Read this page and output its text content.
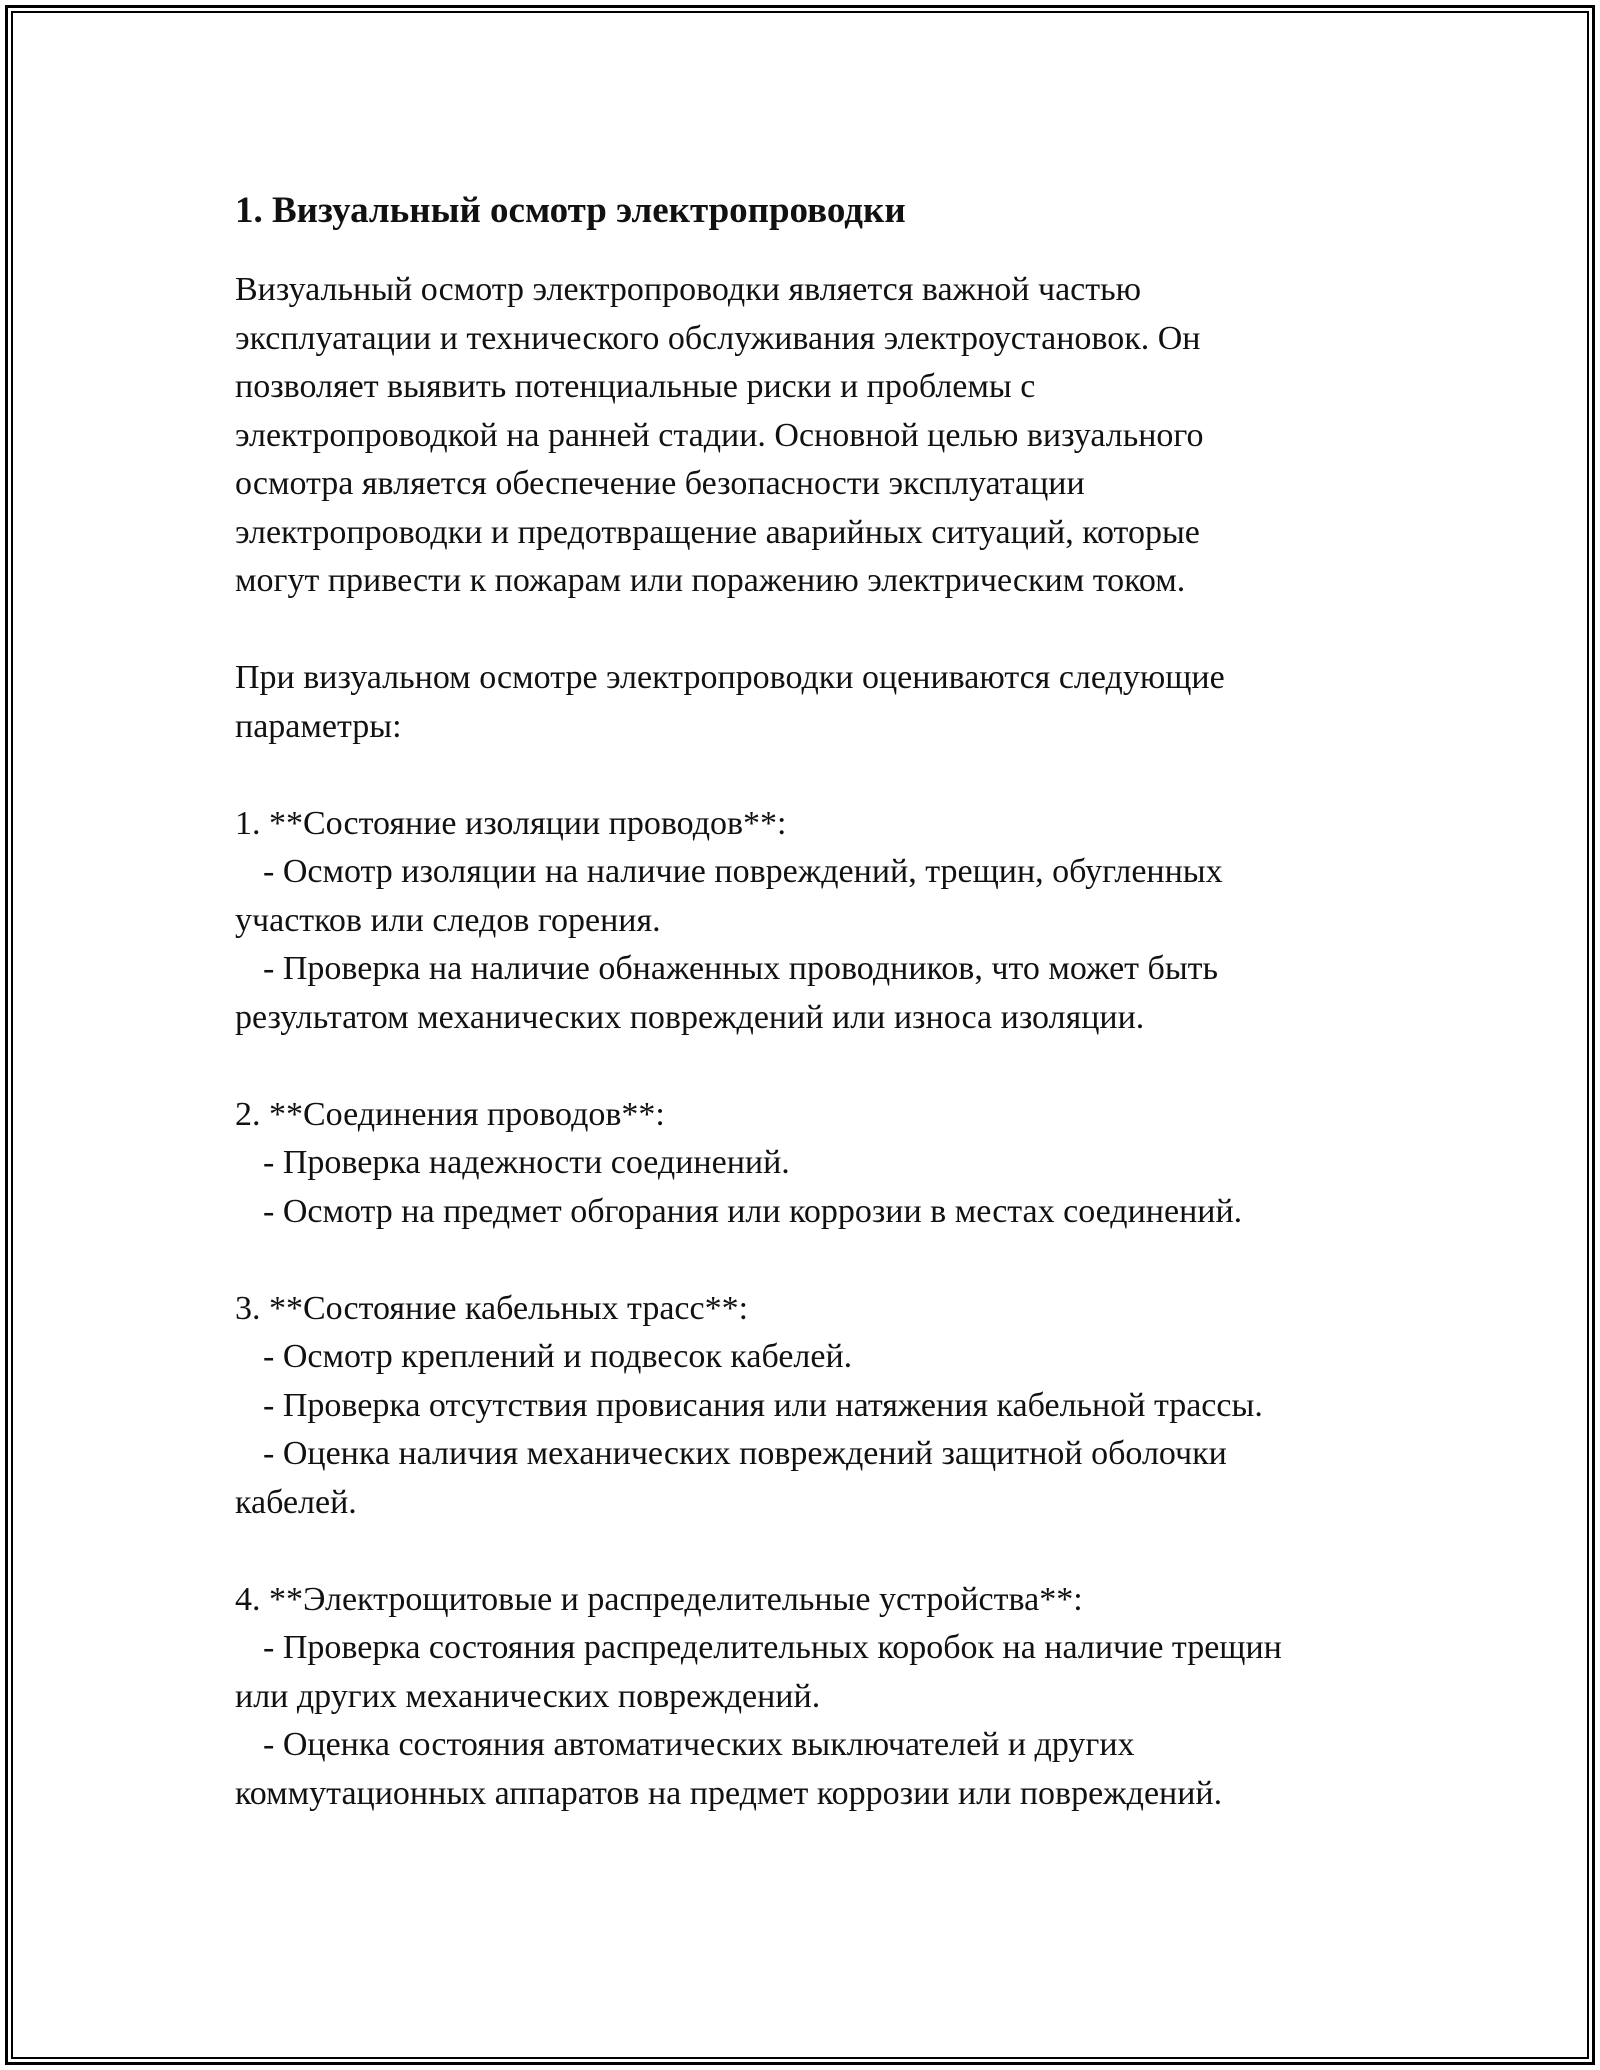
1. Визуальный осмотр электропроводки

Визуальный осмотр электропроводки является важной частью

эксплуатации и технического обслуживания электроустановок. Он

позволяет выявить потенциальные риски и проблемы с

электропроводкой на ранней стадии. Основной целью визуального

осмотра является обеспечение безопасности эксплуатации

электропроводки и предотвращение аварийных ситуаций, которые

могут привести к пожарам или поражению электрическим током.

При визуальном осмотре электропроводки оцениваются следующие

параметры:

1. **Состояние изоляции проводов**:

- Осмотр изоляции на наличие повреждений, трещин, обугленных

участков или следов горения.

- Проверка на наличие обнаженных проводников, что может быть

результатом механических повреждений или износа изоляции.

2. **Соединения проводов**:

- Проверка надежности соединений.

- Осмотр на предмет обгорания или коррозии в местах соединений.

3. **Состояние кабельных трасс**:

- Осмотр креплений и подвесок кабелей.

- Проверка отсутствия провисания или натяжения кабельной трассы.

- Оценка наличия механических повреждений защитной оболочки

кабелей.

4. **Электрощитовые и распределительные устройства**:

- Проверка состояния распределительных коробок на наличие трещин

или других механических повреждений.

- Оценка состояния автоматических выключателей и других

коммутационных аппаратов на предмет коррозии или повреждений.
